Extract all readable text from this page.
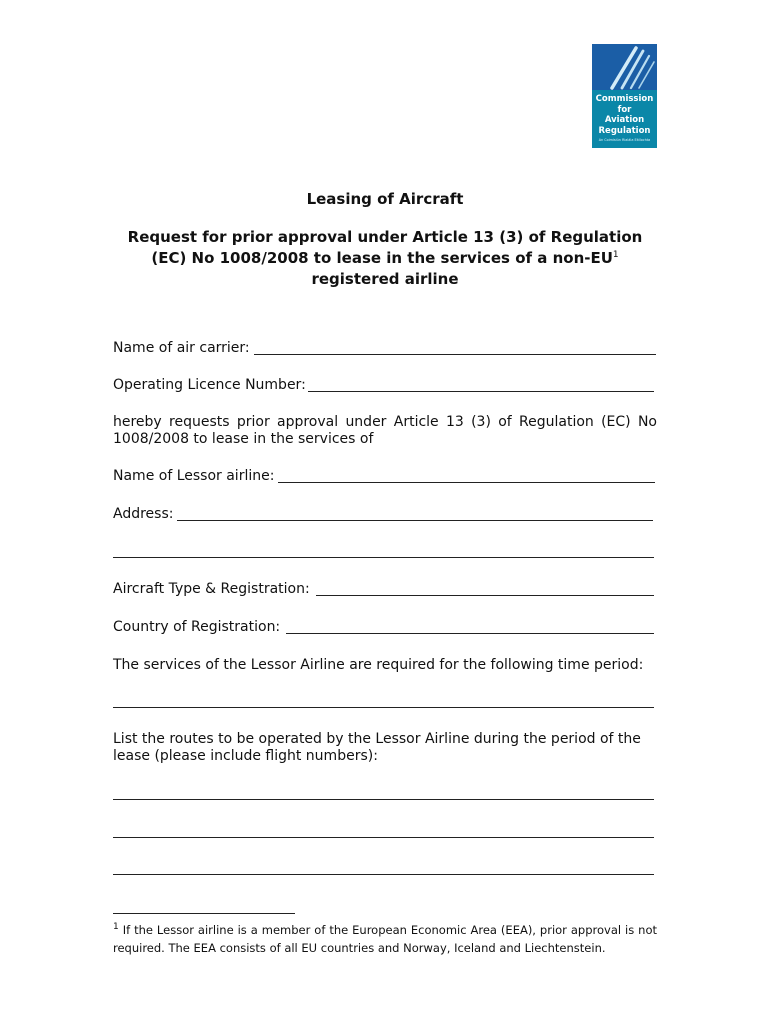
Commission
for
Aviation
Regulation
An Coimisiún Rialála Eitlíochta
Leasing of Aircraft
Request for prior approval under Article 13 (3) of Regulation
(EC) No 1008/2008 to lease in the services of a non-$EU^1$
registered airline
Name of air carrier:
Operating Licence Number:
hereby requests prior approval under Article 13 (3) of Regulation (EC) No 1008/2008 to lease in the services of
Name of Lessor airline:
Address:
Aircraft Type & Registration:
Country of Registration:
The services of the Lessor Airline are required for the following time period:
List the routes to be operated by the Lessor Airline during the period of the lease (please include flight numbers):
$^1$ If the Lessor airline is a member of the European Economic Area (EEA), prior approval is not required. The EEA consists of all EU countries and Norway, Iceland and Liechtenstein.
